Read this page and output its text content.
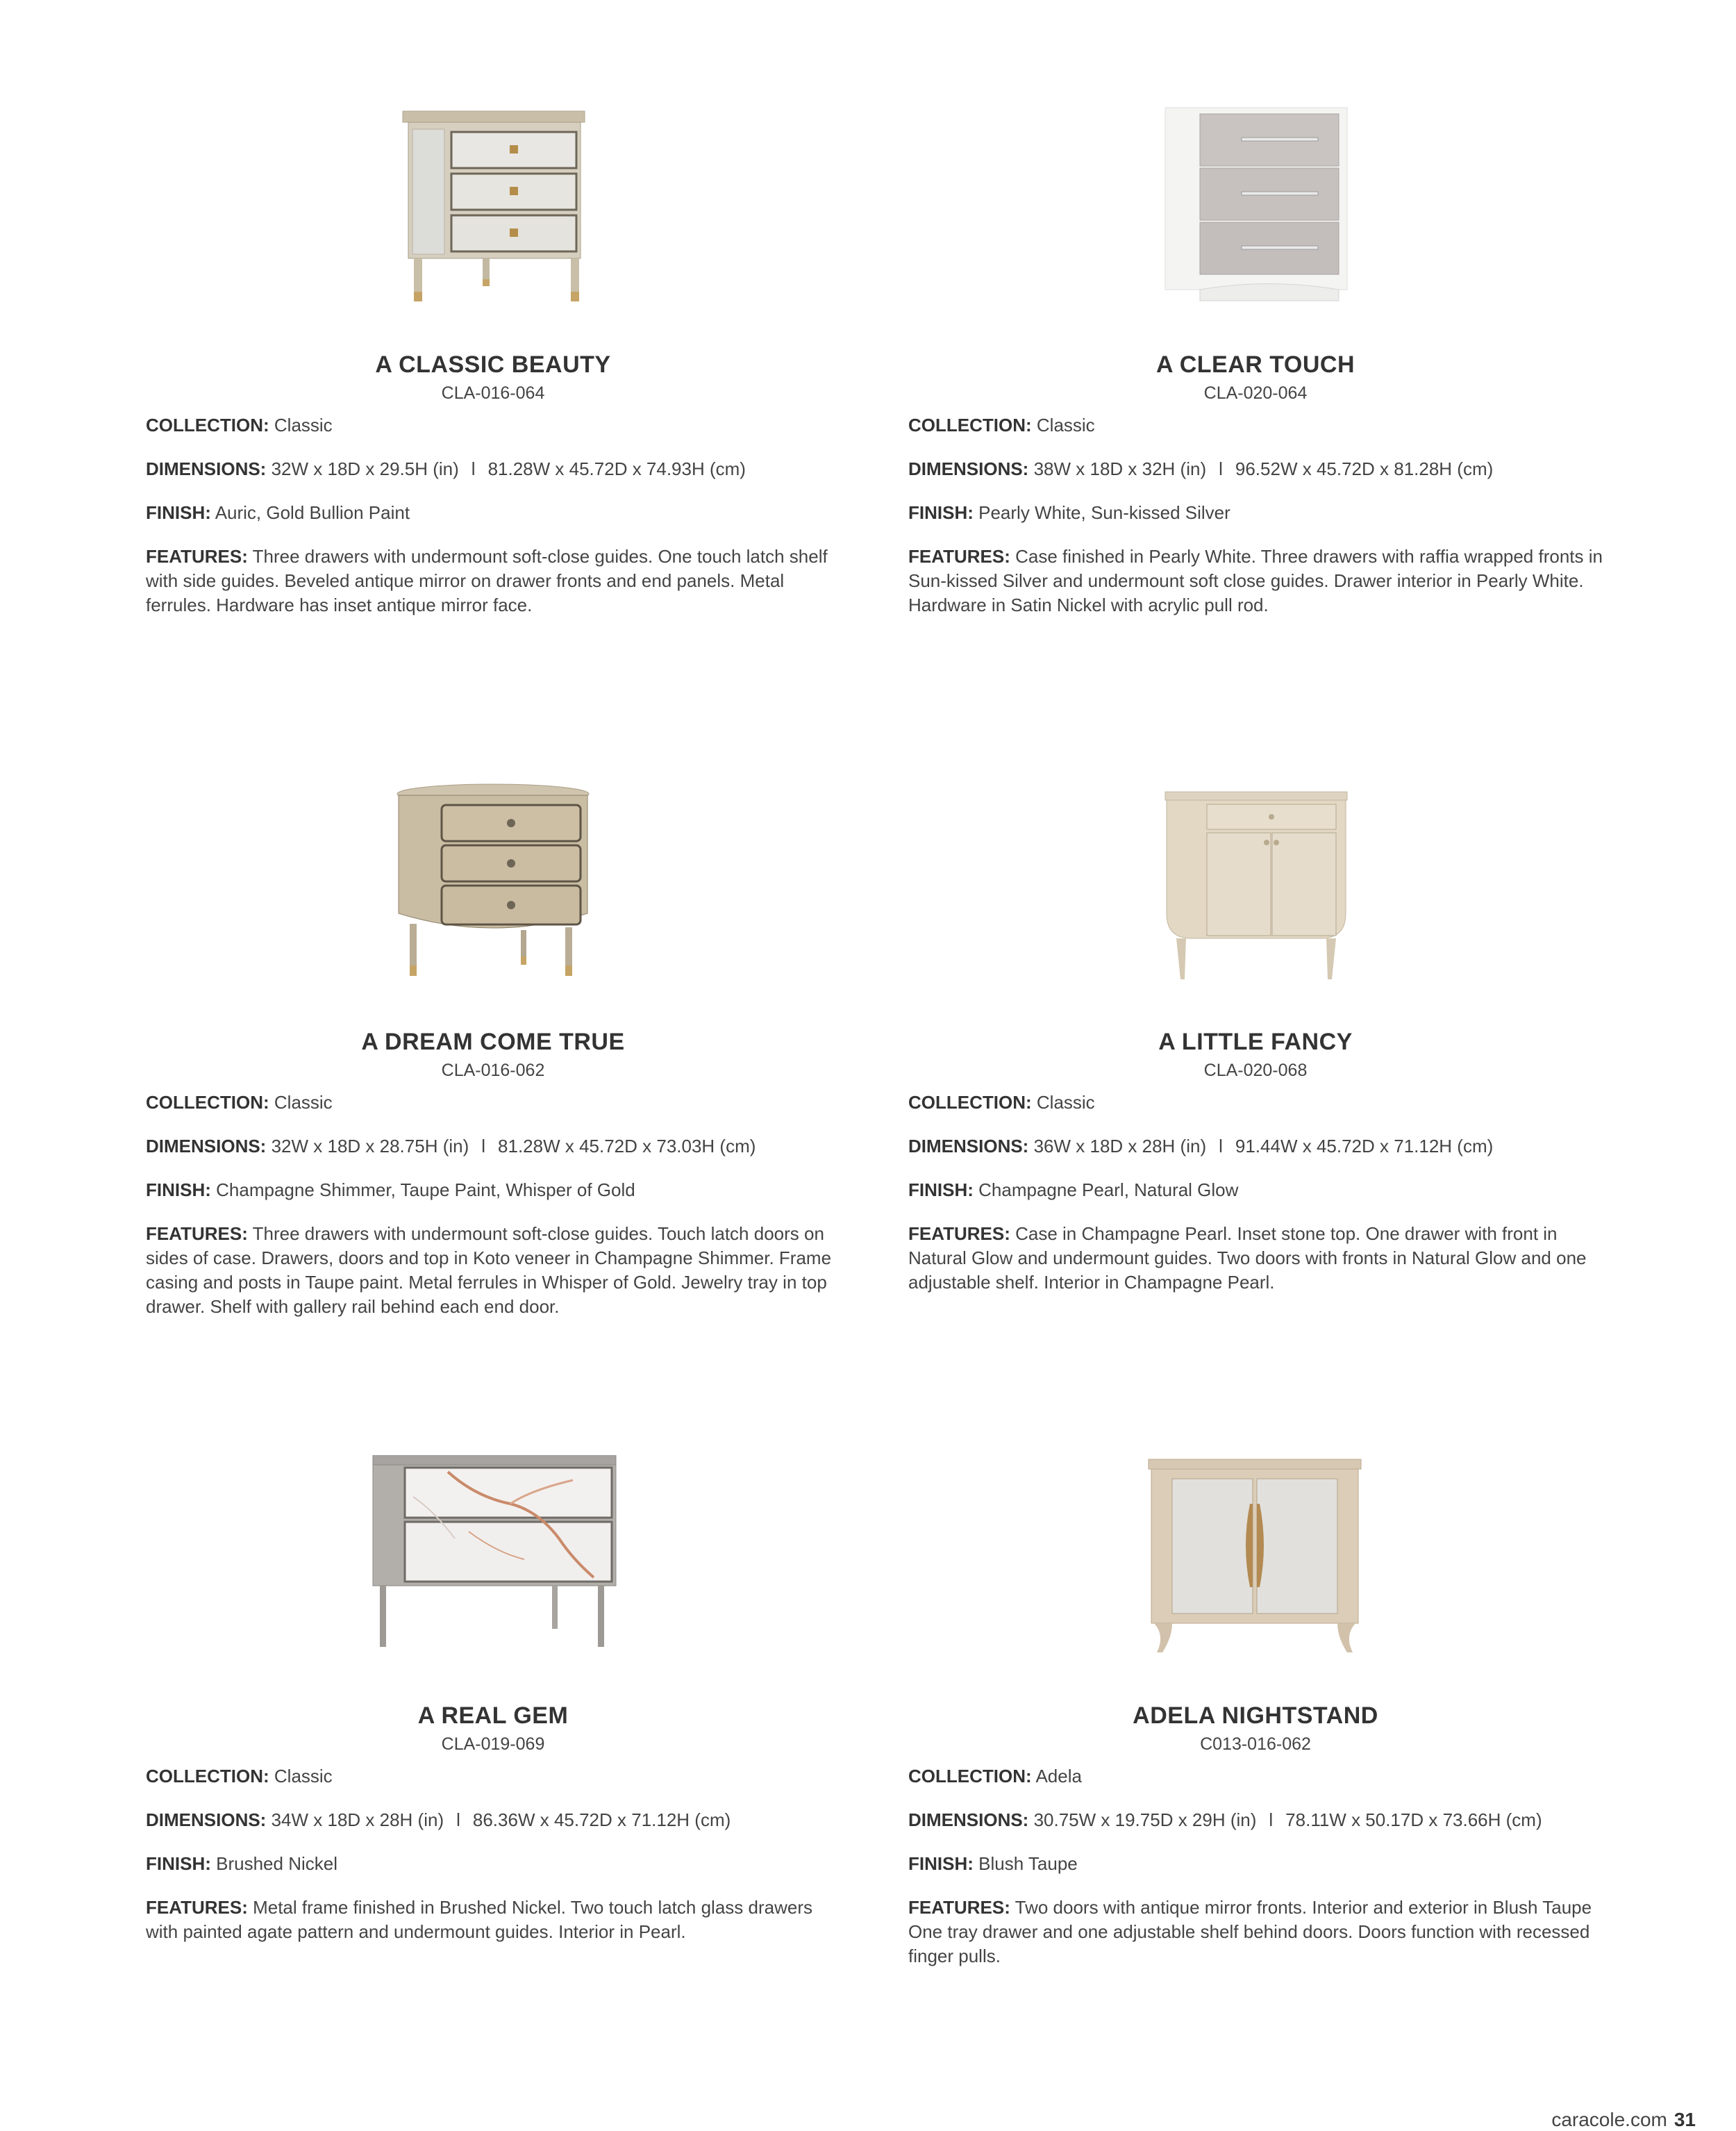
A CLASSIC BEAUTY
CLA-016-064
COLLECTION: Classic
DIMENSIONS: 32W x 18D x 29.5H (in) l 81.28W x 45.72D x 74.93H (cm)
FINISH: Auric, Gold Bullion Paint
FEATURES: Three drawers with undermount soft-close guides. One touch latch shelf with side guides. Beveled antique mirror on drawer fronts and end panels. Metal ferrules. Hardware has inset antique mirror face.
A CLEAR TOUCH
CLA-020-064
COLLECTION: Classic
DIMENSIONS: 38W x 18D x 32H (in) l 96.52W x 45.72D x 81.28H (cm)
FINISH: Pearly White, Sun-kissed Silver
FEATURES: Case finished in Pearly White. Three drawers with raffia wrapped fronts in Sun-kissed Silver and undermount soft close guides. Drawer interior in Pearly White. Hardware in Satin Nickel with acrylic pull rod.
A DREAM COME TRUE
CLA-016-062
COLLECTION: Classic
DIMENSIONS: 32W x 18D x 28.75H (in) l 81.28W x 45.72D x 73.03H (cm)
FINISH: Champagne Shimmer, Taupe Paint, Whisper of Gold
FEATURES: Three drawers with undermount soft-close guides. Touch latch doors on sides of case. Drawers, doors and top in Koto veneer in Champagne Shimmer. Frame casing and posts in Taupe paint. Metal ferrules in Whisper of Gold. Jewelry tray in top drawer. Shelf with gallery rail behind each end door.
A LITTLE FANCY
CLA-020-068
COLLECTION: Classic
DIMENSIONS: 36W x 18D x 28H (in) l 91.44W x 45.72D x 71.12H (cm)
FINISH: Champagne Pearl, Natural Glow
FEATURES: Case in Champagne Pearl. Inset stone top. One drawer with front in Natural Glow and undermount guides. Two doors with fronts in Natural Glow and one adjustable shelf. Interior in Champagne Pearl.
A REAL GEM
CLA-019-069
COLLECTION: Classic
DIMENSIONS: 34W x 18D x 28H (in) l 86.36W x 45.72D x 71.12H (cm)
FINISH: Brushed Nickel
FEATURES: Metal frame finished in Brushed Nickel. Two touch latch glass drawers with painted agate pattern and undermount guides. Interior in Pearl.
ADELA NIGHTSTAND
C013-016-062
COLLECTION: Adela
DIMENSIONS: 30.75W x 19.75D x 29H (in) l 78.11W x 50.17D x 73.66H (cm)
FINISH: Blush Taupe
FEATURES: Two doors with antique mirror fronts. Interior and exterior in Blush Taupe One tray drawer and one adjustable shelf behind doors. Doors function with recessed finger pulls.
caracole.com 31
